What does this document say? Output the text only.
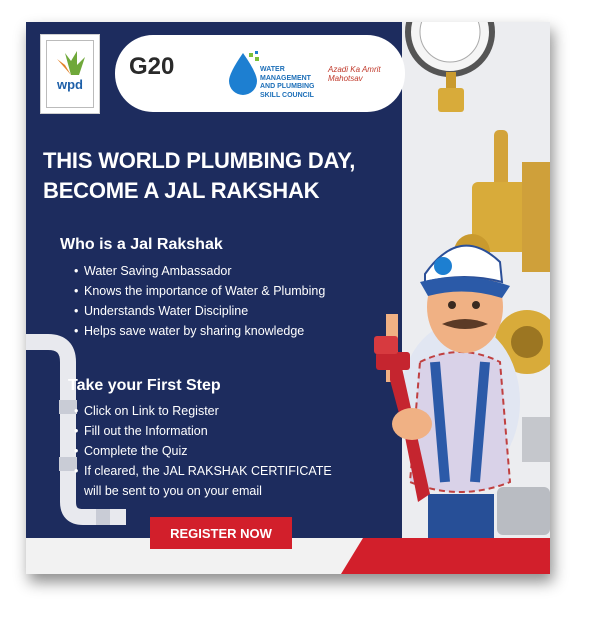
wpd
G20	WATER MANAGEMENT AND PLUMBING SKILL COUNCIL
Azadi Ka Amrit Mahotsav
THIS WORLD PLUMBING DAY,
BECOME A JAL RAKSHAK
Who is a Jal Rakshak
• Water Saving Ambassador
• Knows the importance of Water & Plumbing
• Understands Water Discipline
• Helps save water by sharing knowledge
Take your First Step
• Click on Link to Register
• Fill out the Information
• Complete the Quiz
• If cleared, the JAL RAKSHAK CERTIFICATE
will be sent to you on your email
REGISTER NOW
